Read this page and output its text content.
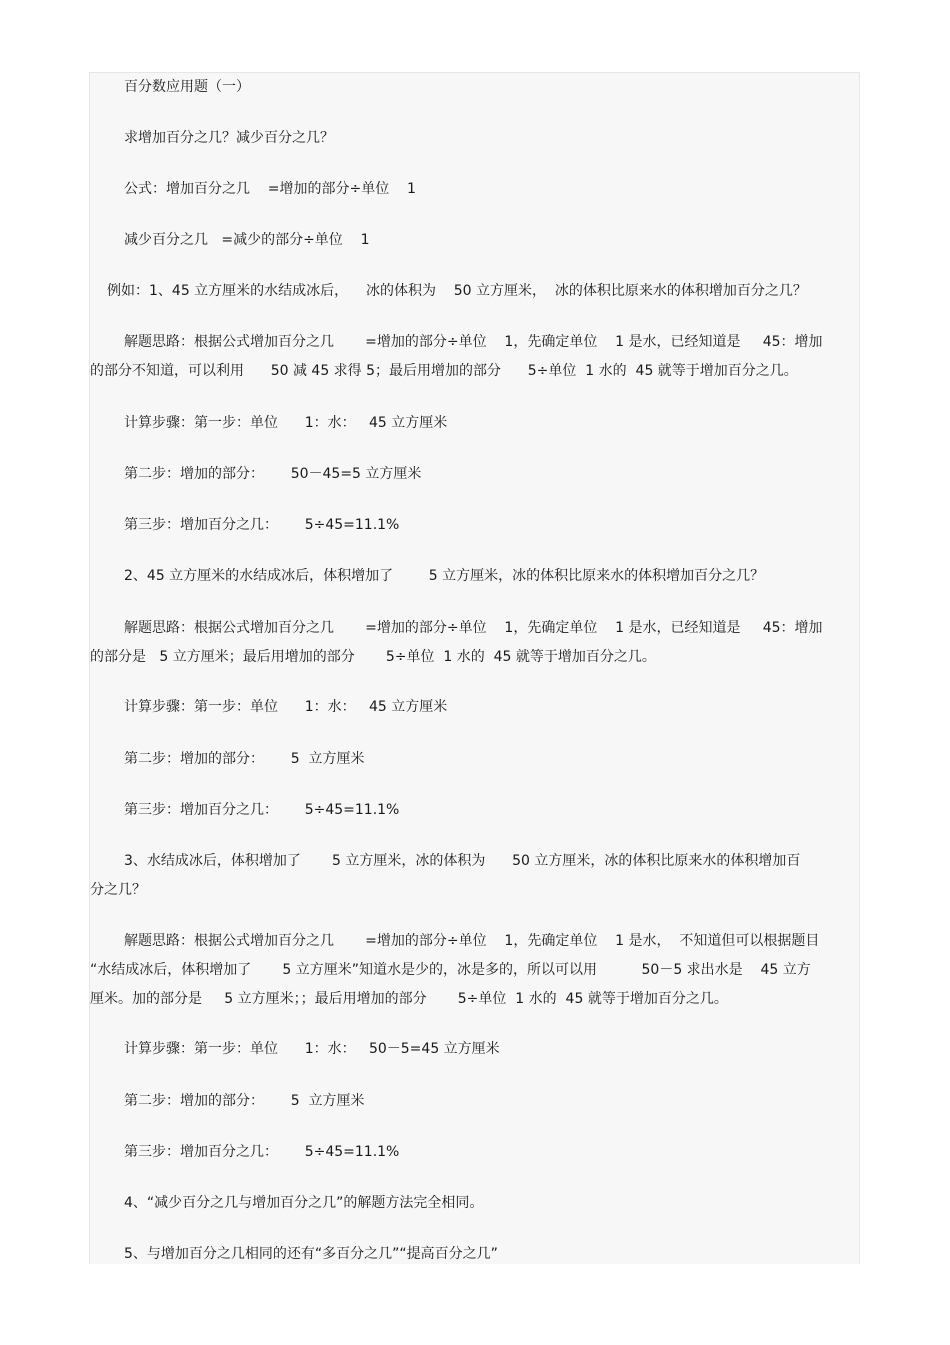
百分数应用题（一）

求增加百分之几？减少百分之几？

公式：增加百分之几    =增加的部分÷单位    1

减少百分之几   =减少的部分÷单位    1

例如：1、45 立方厘米的水结成冰后，    冰的体积为    50 立方厘米，  冰的体积比原来水的体积增加百分之几？

解题思路：根据公式增加百分之几       =增加的部分÷单位    1，先确定单位    1 是水，已经知道是     45：增加
的部分不知道，可以利用      50 减 45 求得 5；最后用增加的部分      5÷单位  1 水的  45 就等于增加百分之几。

计算步骤：第一步：单位      1：水：   45 立方厘米

第二步：增加的部分：      50－45=5 立方厘米

第三步：增加百分之几：      5÷45=11.1%

2、45 立方厘米的水结成冰后，体积增加了        5 立方厘米，冰的体积比原来水的体积增加百分之几？

解题思路：根据公式增加百分之几       =增加的部分÷单位    1，先确定单位    1 是水，已经知道是     45：增加
的部分是   5 立方厘米；最后用增加的部分       5÷单位  1 水的  45 就等于增加百分之几。

计算步骤：第一步：单位      1：水：   45 立方厘米

第二步：增加的部分：      5  立方厘米

第三步：增加百分之几：      5÷45=11.1%

3、水结成冰后，体积增加了       5 立方厘米，冰的体积为      50 立方厘米，冰的体积比原来水的体积增加百
分之几？
解题思路：根据公式增加百分之几       =增加的部分÷单位    1，先确定单位    1 是水，  不知道但可以根据题目
“水结成冰后，体积增加了       5 立方厘米”知道水是少的，冰是多的，所以可以用          50－5 求出水是    45 立方
厘米。加的部分是     5 立方厘米；；最后用增加的部分       5÷单位  1 水的  45 就等于增加百分之几。

计算步骤：第一步：单位      1：水：   50－5=45 立方厘米

第二步：增加的部分：      5  立方厘米

第三步：增加百分之几：      5÷45=11.1%

4、“减少百分之几与增加百分之几”的解题方法完全相同。

5、与增加百分之几相同的还有“多百分之几”“提高百分之几”
